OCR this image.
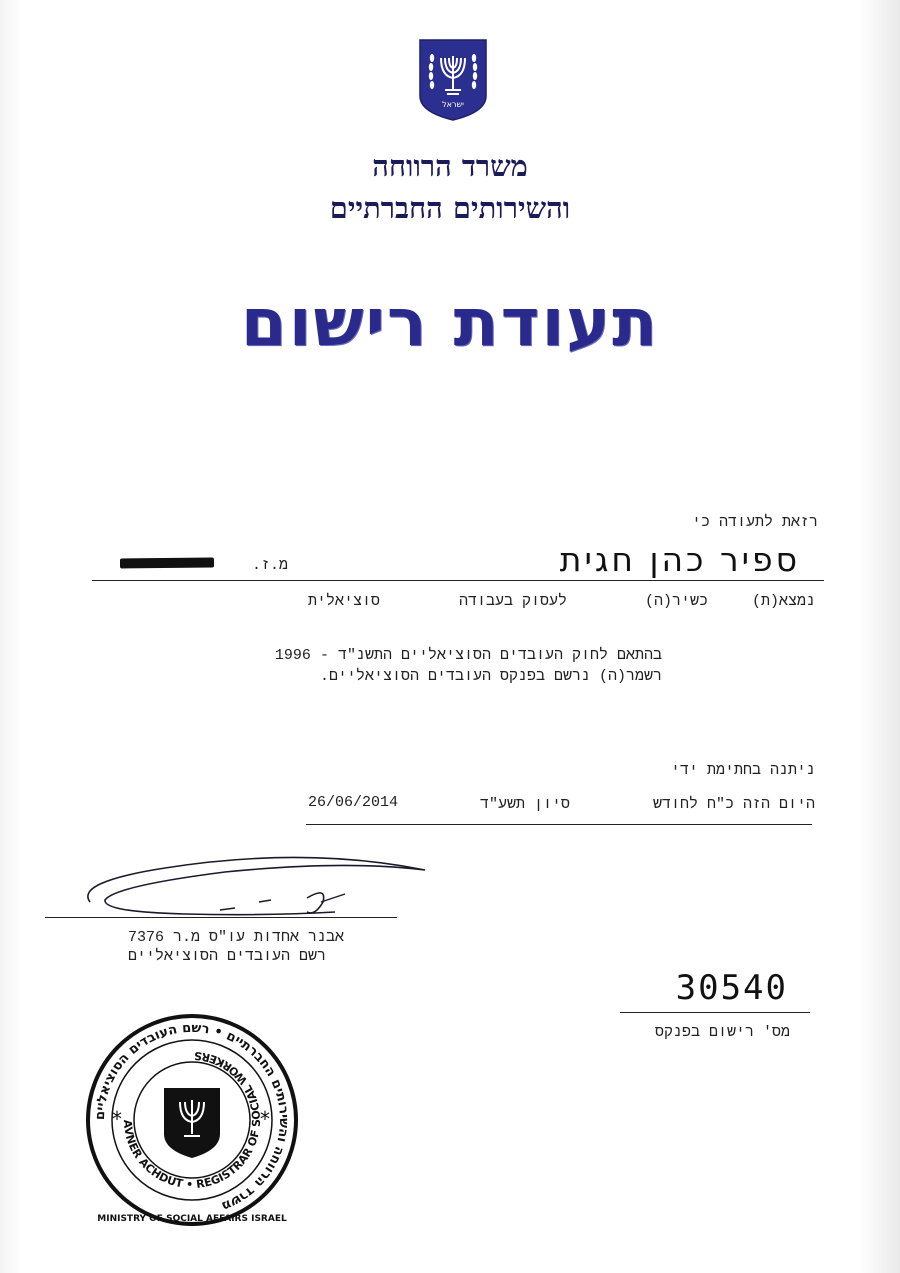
ישראל
משרד הרווחה
והשירותים החברתיים
תעודת רישום
רזאת לתעודה כי
ספיר כהן חגית
מ.ז.
נמצא(ת)
כשיר(ה)
לעסוק בעבודה
סוציאלית
בהתאם לחוק העובדים הסוציאליים התשנ"ד - 1996
רשמר(ה) נרשם בפנקס העובדים הסוציאליים.
ניתנה בחתימת ידי
היום הזה כ"ח לחודש
סיון תשע"ד
26/06/2014
אבנר אחדות עו"ס מ.ר 7376
רשם העובדים הסוציאליים
30540
מס' רישום בפנקס
משרד הרווחה והשירותים החברתיים • רשם העובדים הסוציאליים
AVNER ACHDUT • REGISTRAR OF SOCIAL WORKERS
MINISTRY OF SOCIAL AFFAIRS ISRAEL
*	*
